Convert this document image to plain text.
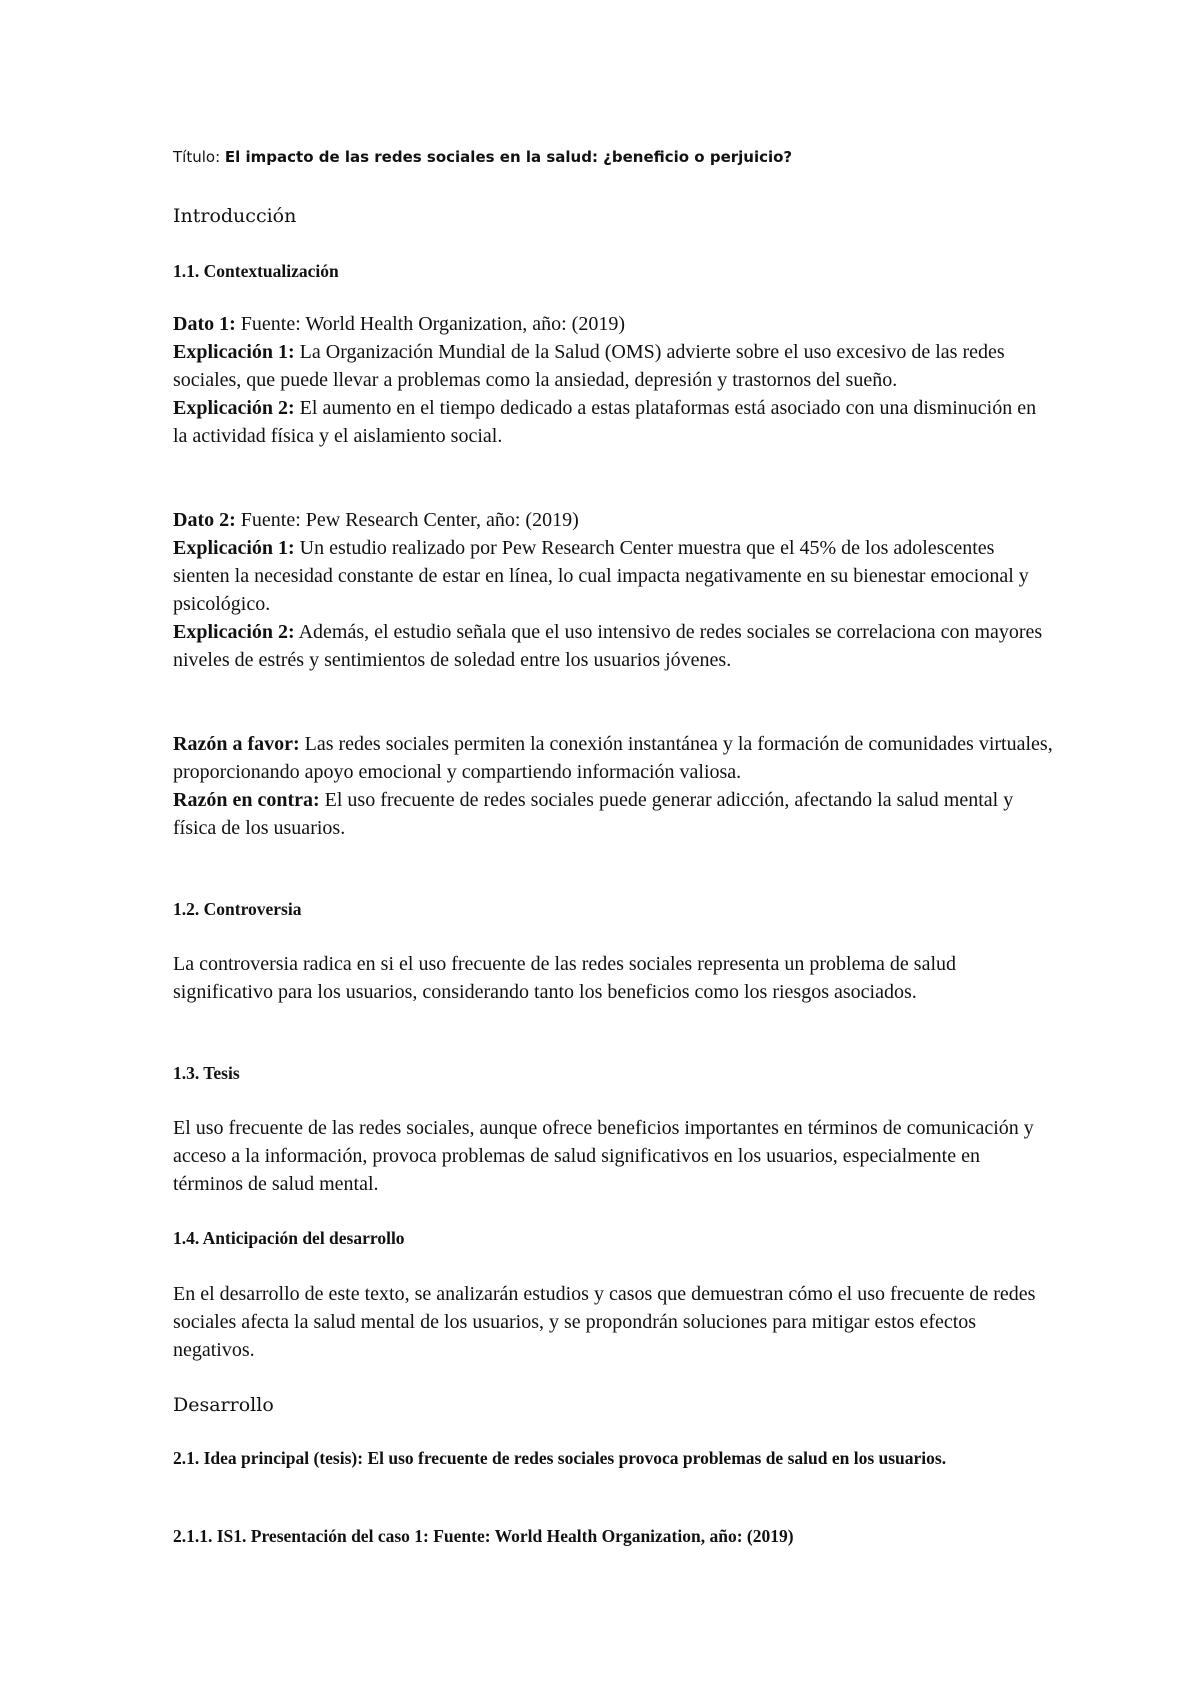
Título: El impacto de las redes sociales en la salud: ¿beneficio o perjuicio?
Introducción
1.1. Contextualización
Dato 1: Fuente: World Health Organization, año: (2019)
Explicación 1: La Organización Mundial de la Salud (OMS) advierte sobre el uso excesivo de las redes sociales, que puede llevar a problemas como la ansiedad, depresión y trastornos del sueño.
Explicación 2: El aumento en el tiempo dedicado a estas plataformas está asociado con una disminución en la actividad física y el aislamiento social.
Dato 2: Fuente: Pew Research Center, año: (2019)
Explicación 1: Un estudio realizado por Pew Research Center muestra que el 45% de los adolescentes sienten la necesidad constante de estar en línea, lo cual impacta negativamente en su bienestar emocional y psicológico.
Explicación 2: Además, el estudio señala que el uso intensivo de redes sociales se correlaciona con mayores niveles de estrés y sentimientos de soledad entre los usuarios jóvenes.
Razón a favor: Las redes sociales permiten la conexión instantánea y la formación de comunidades virtuales, proporcionando apoyo emocional y compartiendo información valiosa.
Razón en contra: El uso frecuente de redes sociales puede generar adicción, afectando la salud mental y física de los usuarios.
1.2. Controversia
La controversia radica en si el uso frecuente de las redes sociales representa un problema de salud significativo para los usuarios, considerando tanto los beneficios como los riesgos asociados.
1.3. Tesis
El uso frecuente de las redes sociales, aunque ofrece beneficios importantes en términos de comunicación y acceso a la información, provoca problemas de salud significativos en los usuarios, especialmente en términos de salud mental.
1.4. Anticipación del desarrollo
En el desarrollo de este texto, se analizarán estudios y casos que demuestran cómo el uso frecuente de redes sociales afecta la salud mental de los usuarios, y se propondrán soluciones para mitigar estos efectos negativos.
Desarrollo
2.1. Idea principal (tesis): El uso frecuente de redes sociales provoca problemas de salud en los usuarios.
2.1.1. IS1. Presentación del caso 1: Fuente: World Health Organization, año: (2019)
